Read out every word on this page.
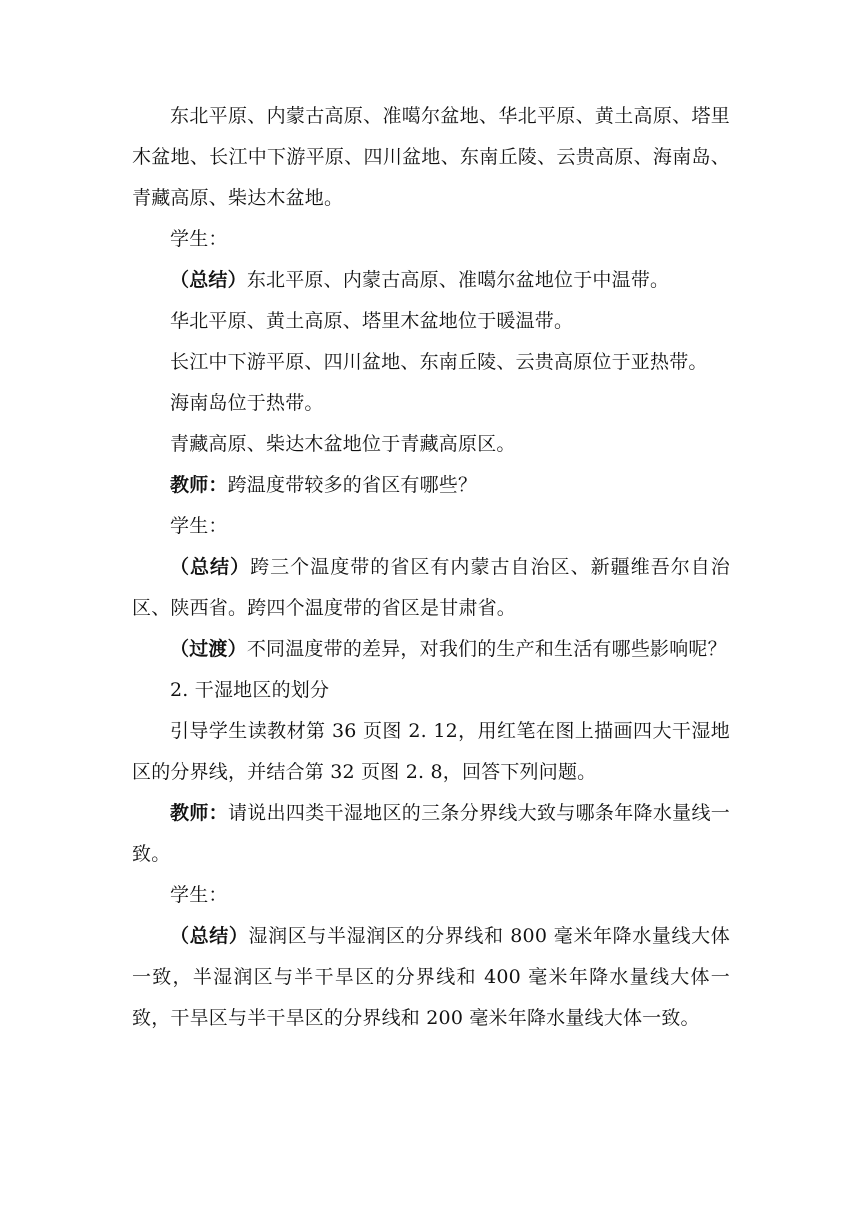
东北平原、内蒙古高原、准噶尔盆地、华北平原、黄土高原、塔里木盆地、长江中下游平原、四川盆地、东南丘陵、云贵高原、海南岛、青藏高原、柴达木盆地。

学生：

（总结）东北平原、内蒙古高原、准噶尔盆地位于中温带。

华北平原、黄土高原、塔里木盆地位于暖温带。

长江中下游平原、四川盆地、东南丘陵、云贵高原位于亚热带。

海南岛位于热带。

青藏高原、柴达木盆地位于青藏高原区。

教师：跨温度带较多的省区有哪些？

学生：

（总结）跨三个温度带的省区有内蒙古自治区、新疆维吾尔自治区、陕西省。跨四个温度带的省区是甘肃省。

（过渡）不同温度带的差异，对我们的生产和生活有哪些影响呢？

2. 干湿地区的划分

引导学生读教材第 36 页图 2. 12，用红笔在图上描画四大干湿地区的分界线，并结合第 32 页图 2. 8，回答下列问题。

教师：请说出四类干湿地区的三条分界线大致与哪条年降水量线一致。

学生：

（总结）湿润区与半湿润区的分界线和 800 毫米年降水量线大体一致，半湿润区与半干旱区的分界线和 400 毫米年降水量线大体一致，干旱区与半干旱区的分界线和 200 毫米年降水量线大体一致。
